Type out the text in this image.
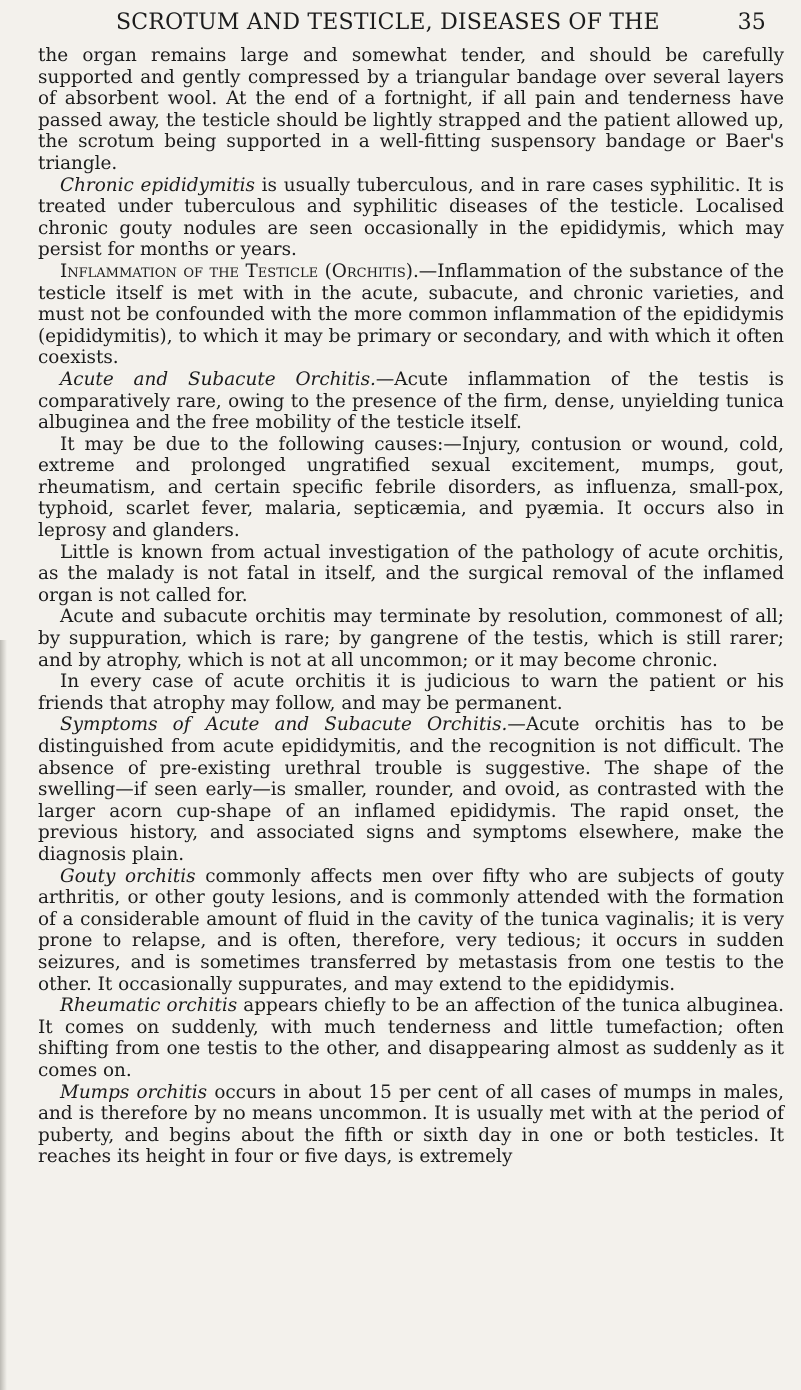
SCROTUM AND TESTICLE, DISEASES OF THE	35

the organ remains large and somewhat tender, and should be carefully supported and gently compressed by a triangular bandage over several layers of absorbent wool. At the end of a fortnight, if all pain and tenderness have passed away, the testicle should be lightly strapped and the patient allowed up, the scrotum being supported in a well-fitting suspensory bandage or Baer's triangle.

Chronic epididymitis is usually tuberculous, and in rare cases syphilitic. It is treated under tuberculous and syphilitic diseases of the testicle. Localised chronic gouty nodules are seen occasionally in the epididymis, which may persist for months or years.

Inflammation of the Testicle (Orchitis).—Inflammation of the substance of the testicle itself is met with in the acute, subacute, and chronic varieties, and must not be confounded with the more common inflammation of the epididymis (epididymitis), to which it may be primary or secondary, and with which it often coexists.

Acute and Subacute Orchitis.—Acute inflammation of the testis is comparatively rare, owing to the presence of the firm, dense, unyielding tunica albuginea and the free mobility of the testicle itself.

It may be due to the following causes:—Injury, contusion or wound, cold, extreme and prolonged ungratified sexual excitement, mumps, gout, rheumatism, and certain specific febrile disorders, as influenza, small-pox, typhoid, scarlet fever, malaria, septicæmia, and pyæmia. It occurs also in leprosy and glanders.

Little is known from actual investigation of the pathology of acute orchitis, as the malady is not fatal in itself, and the surgical removal of the inflamed organ is not called for.

Acute and subacute orchitis may terminate by resolution, commonest of all; by suppuration, which is rare; by gangrene of the testis, which is still rarer; and by atrophy, which is not at all uncommon; or it may become chronic.

In every case of acute orchitis it is judicious to warn the patient or his friends that atrophy may follow, and may be permanent.

Symptoms of Acute and Subacute Orchitis.—Acute orchitis has to be distinguished from acute epididymitis, and the recognition is not difficult. The absence of pre-existing urethral trouble is suggestive. The shape of the swelling—if seen early—is smaller, rounder, and ovoid, as contrasted with the larger acorn cup-shape of an inflamed epididymis. The rapid onset, the previous history, and associated signs and symptoms elsewhere, make the diagnosis plain.

Gouty orchitis commonly affects men over fifty who are subjects of gouty arthritis, or other gouty lesions, and is commonly attended with the formation of a considerable amount of fluid in the cavity of the tunica vaginalis; it is very prone to relapse, and is often, therefore, very tedious; it occurs in sudden seizures, and is sometimes transferred by metastasis from one testis to the other. It occasionally suppurates, and may extend to the epididymis.

Rheumatic orchitis appears chiefly to be an affection of the tunica albuginea. It comes on suddenly, with much tenderness and little tumefaction; often shifting from one testis to the other, and disappearing almost as suddenly as it comes on.

Mumps orchitis occurs in about 15 per cent of all cases of mumps in males, and is therefore by no means uncommon. It is usually met with at the period of puberty, and begins about the fifth or sixth day in one or both testicles. It reaches its height in four or five days, is extremely
